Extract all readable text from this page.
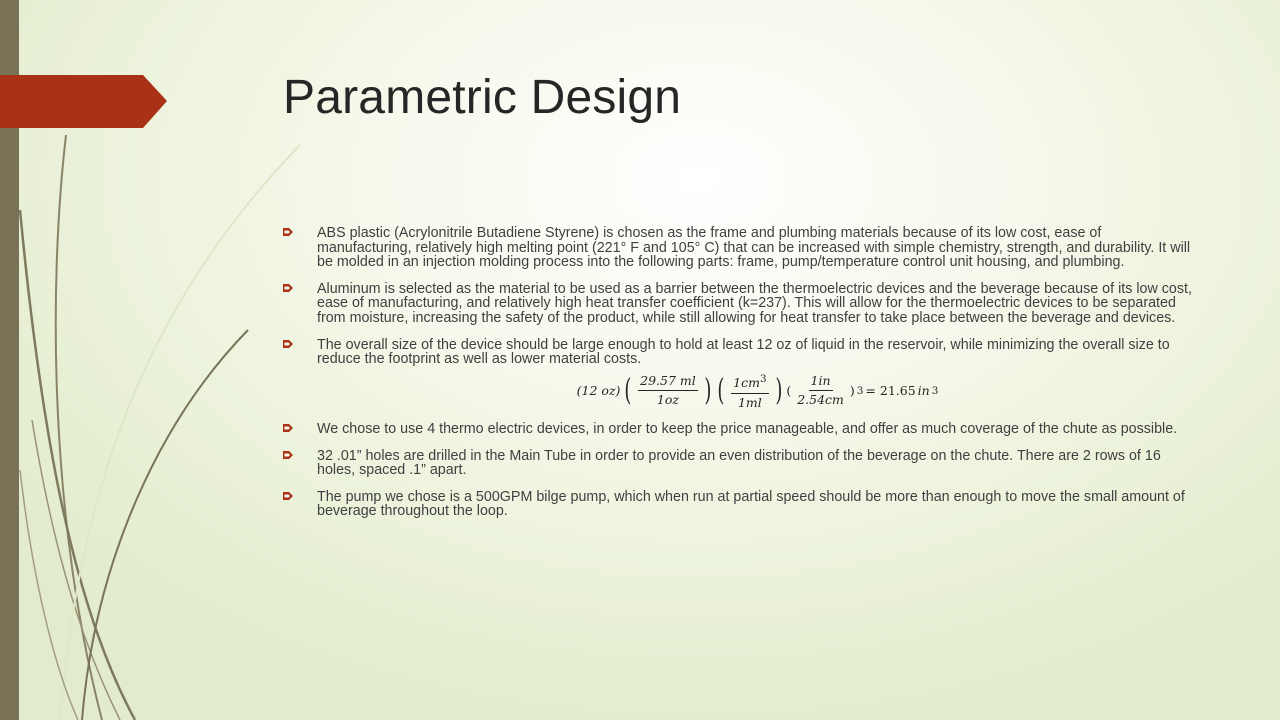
Parametric Design
ABS plastic (Acrylonitrile Butadiene Styrene) is chosen as the frame and plumbing materials because of its low cost, ease of manufacturing, relatively high melting point (221° F and 105° C) that can be increased with simple chemistry, strength, and durability. It will be molded in an injection molding process into the following parts: frame, pump/temperature control unit housing, and plumbing.
Aluminum is selected as the material to be used as a barrier between the thermoelectric devices and the beverage because of its low cost, ease of manufacturing, and relatively high heat transfer coefficient (k=237). This will allow for the thermoelectric devices to be separated from moisture, increasing the safety of the product, while still allowing for heat transfer to take place between the beverage and devices.
The overall size of the device should be large enough to hold at least 12 oz of liquid in the reservoir, while minimizing the overall size to reduce the footprint as well as lower material costs.
(12 oz) ( $\frac{29.57 ml}{1oz}$ ) ( $\frac{1cm^3}{1ml}$ ) ( $\frac{1in}{2.54cm}$ ) 3 = 21.65 in 3
We chose to use 4 thermo electric devices, in order to keep the price manageable, and offer as much coverage of the chute as possible.
32 .01” holes are drilled in the Main Tube in order to provide an even distribution of the beverage on the chute. There are 2 rows of 16 holes, spaced .1” apart.
The pump we chose is a 500GPM bilge pump, which when run at partial speed should be more than enough to move the small amount of beverage throughout the loop.
